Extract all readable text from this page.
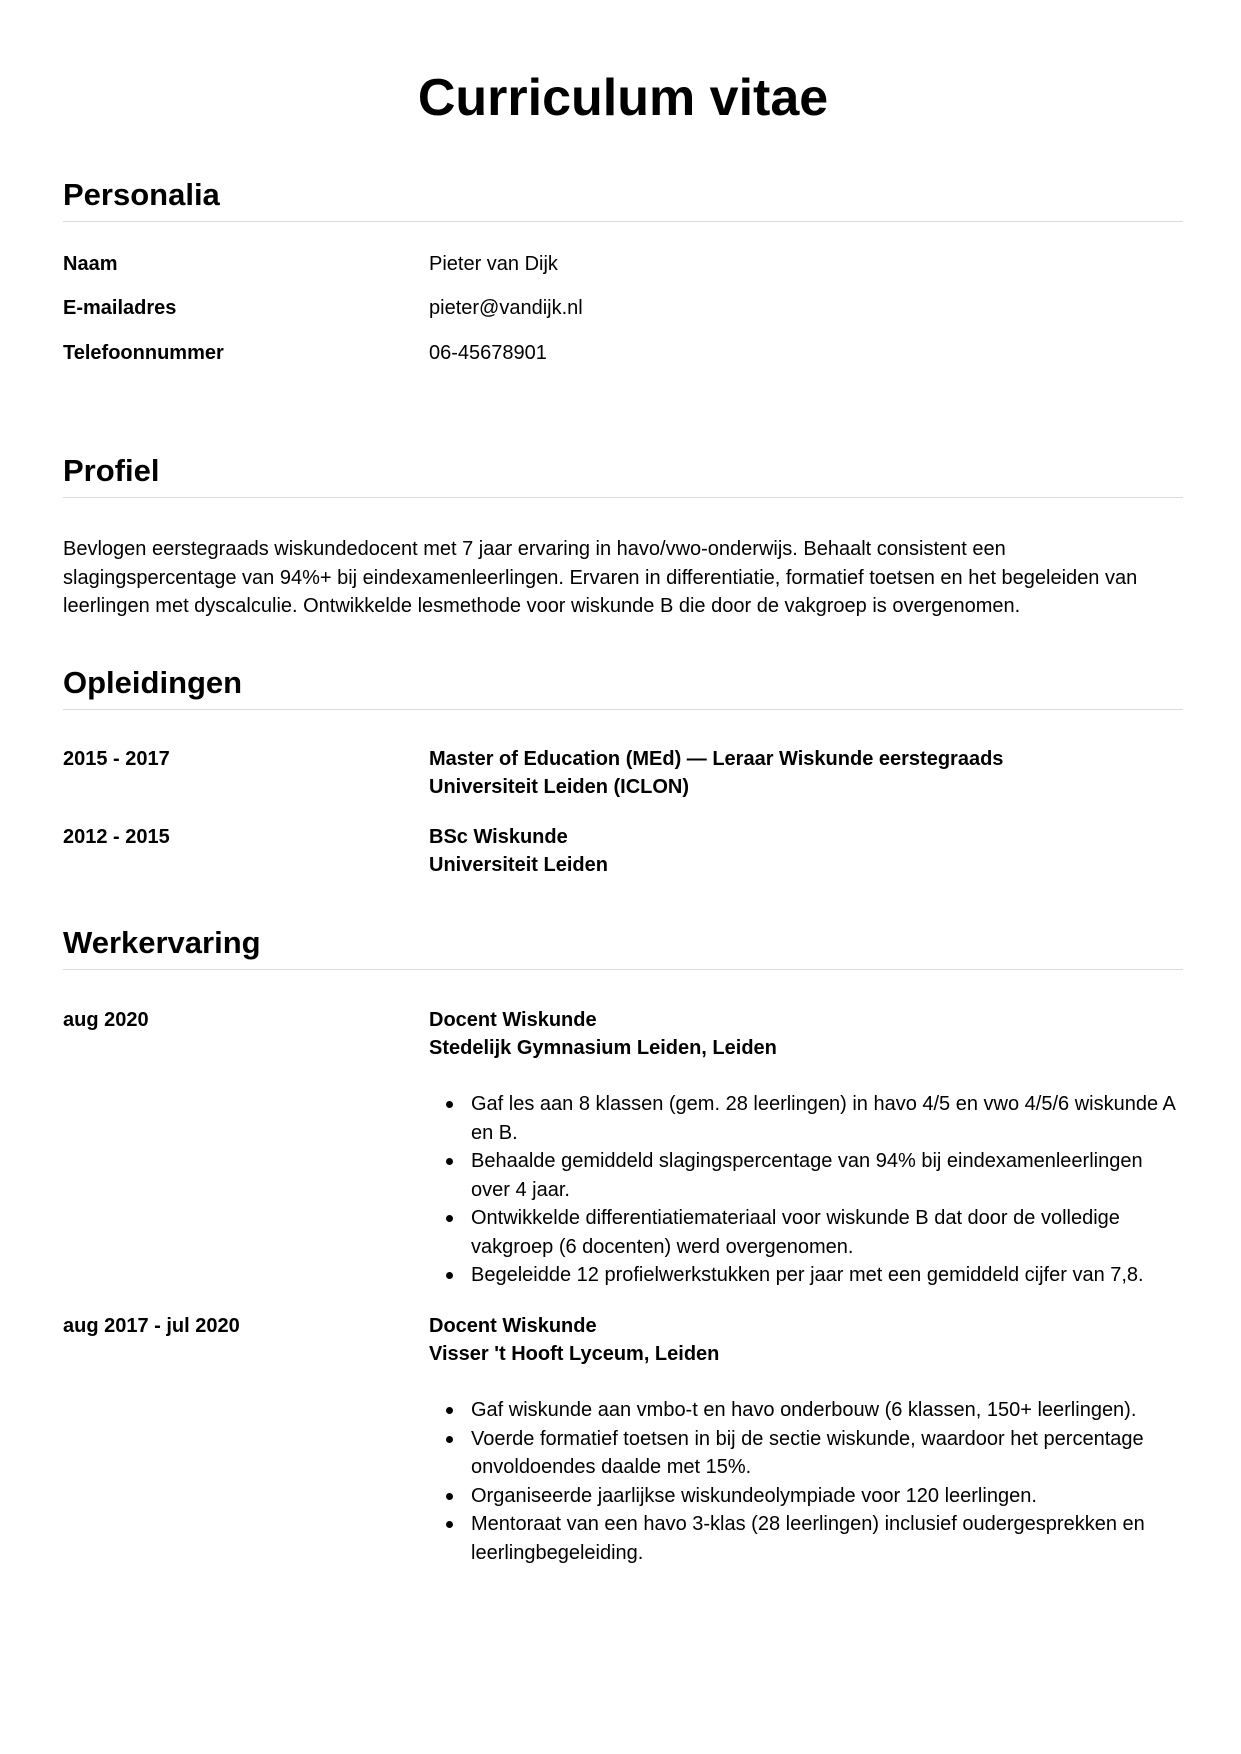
Curriculum vitae
Personalia
Naam	Pieter van Dijk
E-mailadres	pieter@vandijk.nl
Telefoonnummer	06-45678901
Profiel

Bevlogen eerstegraads wiskundedocent met 7 jaar ervaring in havo/vwo-onderwijs. Behaalt consistent een slagingspercentage van 94%+ bij eindexamenleerlingen. Ervaren in differentiatie, formatief toetsen en het begeleiden van leerlingen met dyscalculie. Ontwikkelde lesmethode voor wiskunde B die door de vakgroep is overgenomen.

Opleidingen
2015 - 2017	Master of Education (MEd) — Leraar Wiskunde eerstegraads
Universiteit Leiden (ICLON)
2012 - 2015	BSc Wiskunde
Universiteit Leiden
Werkervaring
aug 2020	Docent Wiskunde
Stedelijk Gymnasium Leiden, Leiden
Gaf les aan 8 klassen (gem. 28 leerlingen) in havo 4/5 en vwo 4/5/6 wiskunde A en B.
Behaalde gemiddeld slagingspercentage van 94% bij eindexamenleerlingen over 4 jaar.
Ontwikkelde differentiatiemateriaal voor wiskunde B dat door de volledige vakgroep (6 docenten) werd overgenomen.
Begeleidde 12 profielwerkstukken per jaar met een gemiddeld cijfer van 7,8.
aug 2017 - jul 2020	Docent Wiskunde
Visser 't Hooft Lyceum, Leiden
Gaf wiskunde aan vmbo-t en havo onderbouw (6 klassen, 150+ leerlingen).
Voerde formatief toetsen in bij de sectie wiskunde, waardoor het percentage onvoldoendes daalde met 15%.
Organiseerde jaarlijkse wiskundeolympiade voor 120 leerlingen.
Mentoraat van een havo 3-klas (28 leerlingen) inclusief oudergesprekken en leerlingbegeleiding.
